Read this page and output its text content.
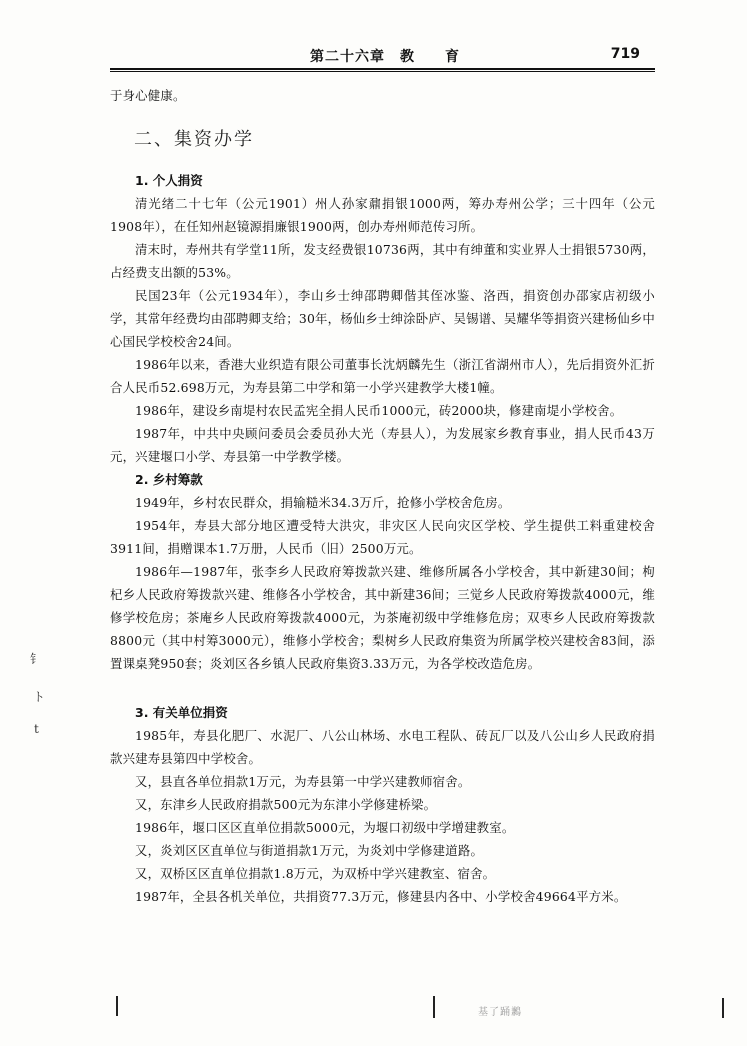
第二十六章　教　　育	719

于身心健康。

二、集资办学
1. 个人捐资

清光绪二十七年（公元1901）州人孙家鼐捐银1000两，筹办寿州公学；三十四年（公元1908年），在任知州赵镜源捐廉银1900两，创办寿州师范传习所。

清末时，寿州共有学堂11所，发支经费银10736两，其中有绅董和实业界人士捐银5730两，占经费支出额的53%。

民国23年（公元1934年），李山乡士绅邵聘卿偕其侄冰鉴、洛西，捐资创办邵家店初级小学，其常年经费均由邵聘卿支给；30年，杨仙乡士绅涂卧庐、吴锡谱、吴耀华等捐资兴建杨仙乡中心国民学校校舍24间。

1986年以来，香港大业织造有限公司董事长沈炳麟先生（浙江省湖州市人），先后捐资外汇折合人民币52.698万元，为寿县第二中学和第一小学兴建教学大楼1幢。

1986年，建设乡南堤村农民孟宪全捐人民币1000元，砖2000块，修建南堤小学校舍。

1987年，中共中央顾问委员会委员孙大光（寿县人），为发展家乡教育事业，捐人民币43万元，兴建堰口小学、寿县第一中学教学楼。

2. 乡村筹款

1949年，乡村农民群众，捐输糙米34.3万斤，抢修小学校舍危房。

1954年，寿县大部分地区遭受特大洪灾，非灾区人民向灾区学校、学生提供工料重建校舍3911间，捐赠课本1.7万册，人民币（旧）2500万元。

1986年—1987年，张李乡人民政府筹拨款兴建、维修所属各小学校舍，其中新建30间；枸杞乡人民政府筹拨款兴建、维修各小学校舍，其中新建36间；三觉乡人民政府筹拨款4000元，维修学校危房；茶庵乡人民政府筹拨款4000元，为茶庵初级中学维修危房；双枣乡人民政府筹拨款8800元（其中村筹3000元），维修小学校舍；梨树乡人民政府集资为所属学校兴建校舍83间，添置课桌凳950套；炎刘区各乡镇人民政府集资3.33万元，为各学校改造危房。

3. 有关单位捐资

1985年，寿县化肥厂、水泥厂、八公山林场、水电工程队、砖瓦厂以及八公山乡人民政府捐款兴建寿县第四中学校舍。

又，县直各单位捐款1万元，为寿县第一中学兴建教师宿舍。

又，东津乡人民政府捐款500元为东津小学修建桥梁。

1986年，堰口区区直单位捐款5000元，为堰口初级中学增建教室。

又，炎刘区区直单位与街道捐款1万元，为炎刘中学修建道路。

又，双桥区区直单位捐款1.8万元，为双桥中学兴建教室、宿舍。

1987年，全县各机关单位，共捐资77.3万元，修建县内各中、小学校舍49664平方米。

钅
ト
t
基了踊鶼
